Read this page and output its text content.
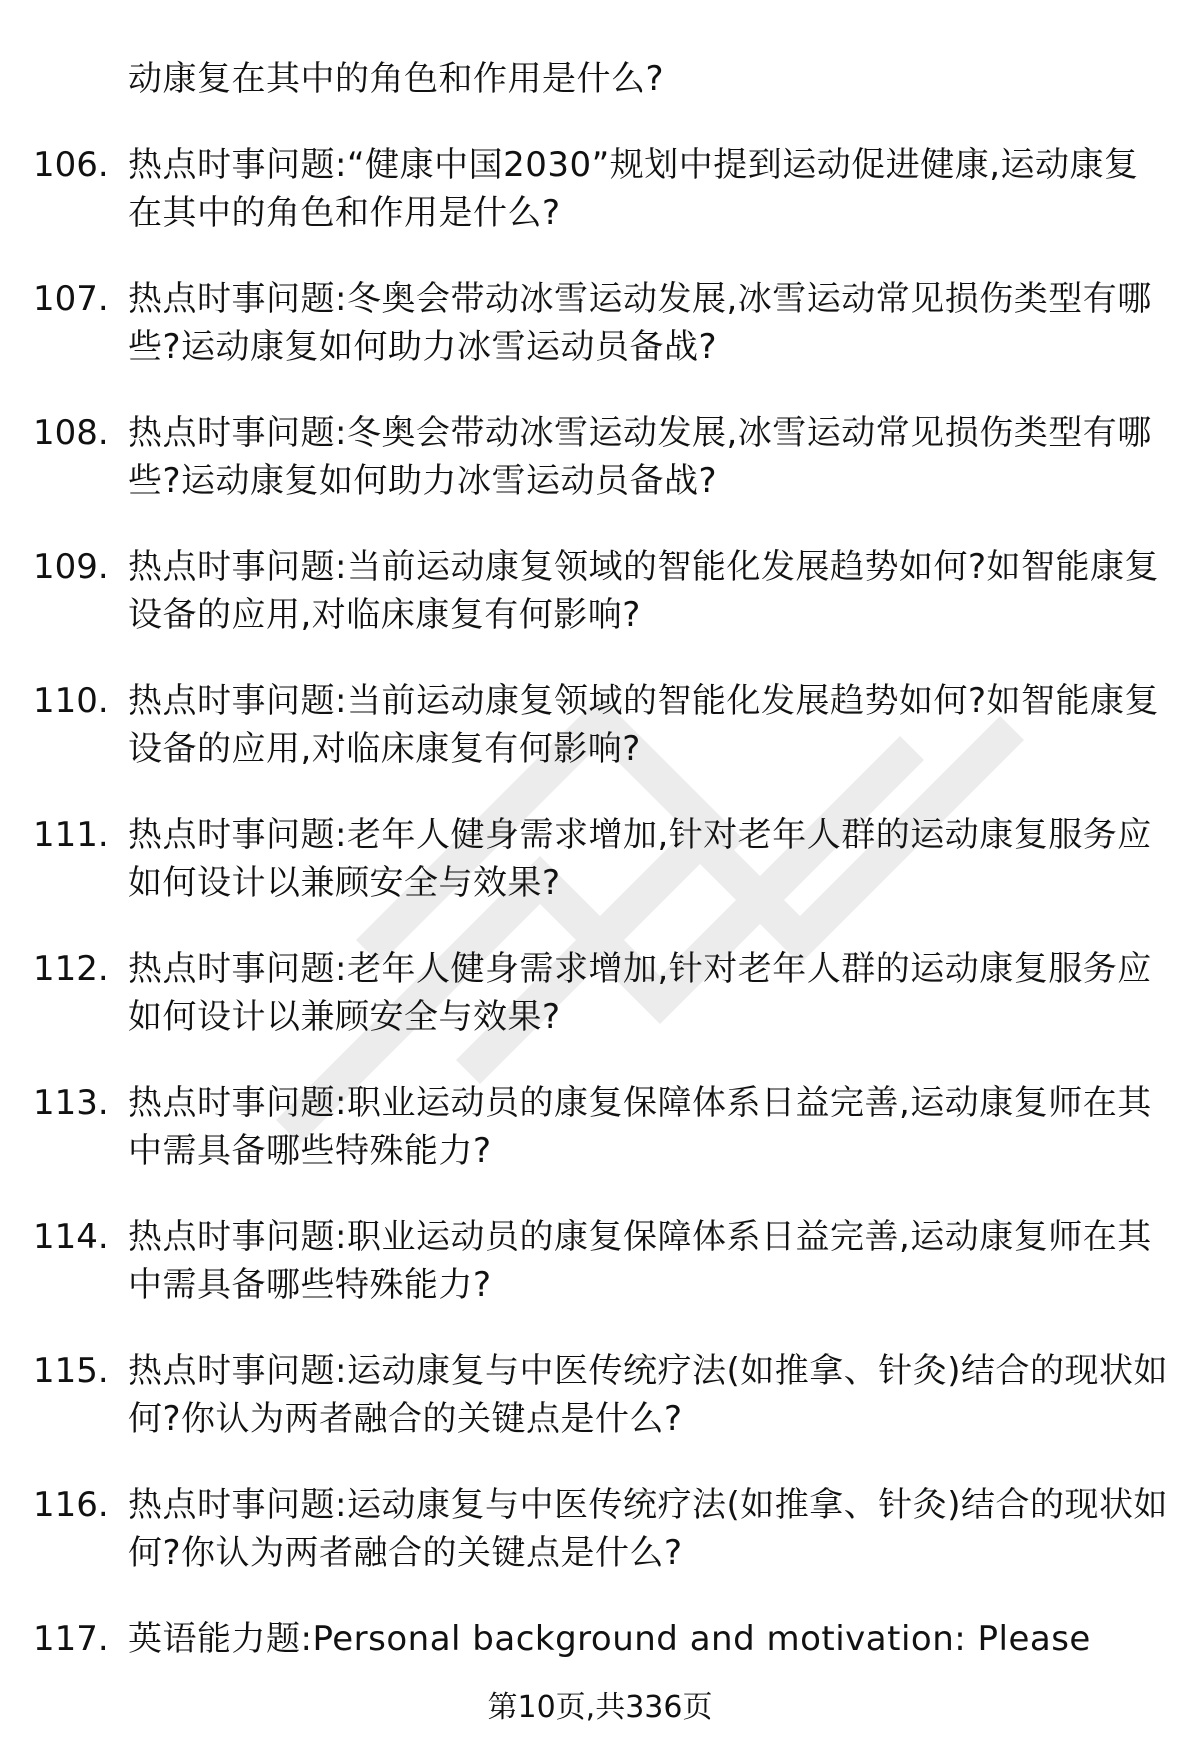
动康复在其中的角色和作用是什么?
106. 热点时事问题:“健康中国2030”规划中提到运动促进健康,运动康复在其中的角色和作用是什么?
107. 热点时事问题:冬奥会带动冰雪运动发展,冰雪运动常见损伤类型有哪些?运动康复如何助力冰雪运动员备战?
108. 热点时事问题:冬奥会带动冰雪运动发展,冰雪运动常见损伤类型有哪些?运动康复如何助力冰雪运动员备战?
109. 热点时事问题:当前运动康复领域的智能化发展趋势如何?如智能康复设备的应用,对临床康复有何影响?
110. 热点时事问题:当前运动康复领域的智能化发展趋势如何?如智能康复设备的应用,对临床康复有何影响?
111. 热点时事问题:老年人健身需求增加,针对老年人群的运动康复服务应如何设计以兼顾安全与效果?
112. 热点时事问题:老年人健身需求增加,针对老年人群的运动康复服务应如何设计以兼顾安全与效果?
113. 热点时事问题:职业运动员的康复保障体系日益完善,运动康复师在其中需具备哪些特殊能力?
114. 热点时事问题:职业运动员的康复保障体系日益完善,运动康复师在其中需具备哪些特殊能力?
115. 热点时事问题:运动康复与中医传统疗法(如推拿、针灸)结合的现状如何?你认为两者融合的关键点是什么?
116. 热点时事问题:运动康复与中医传统疗法(如推拿、针灸)结合的现状如何?你认为两者融合的关键点是什么?
117. 英语能力题:Personal background and motivation: Please
第10页,共336页
